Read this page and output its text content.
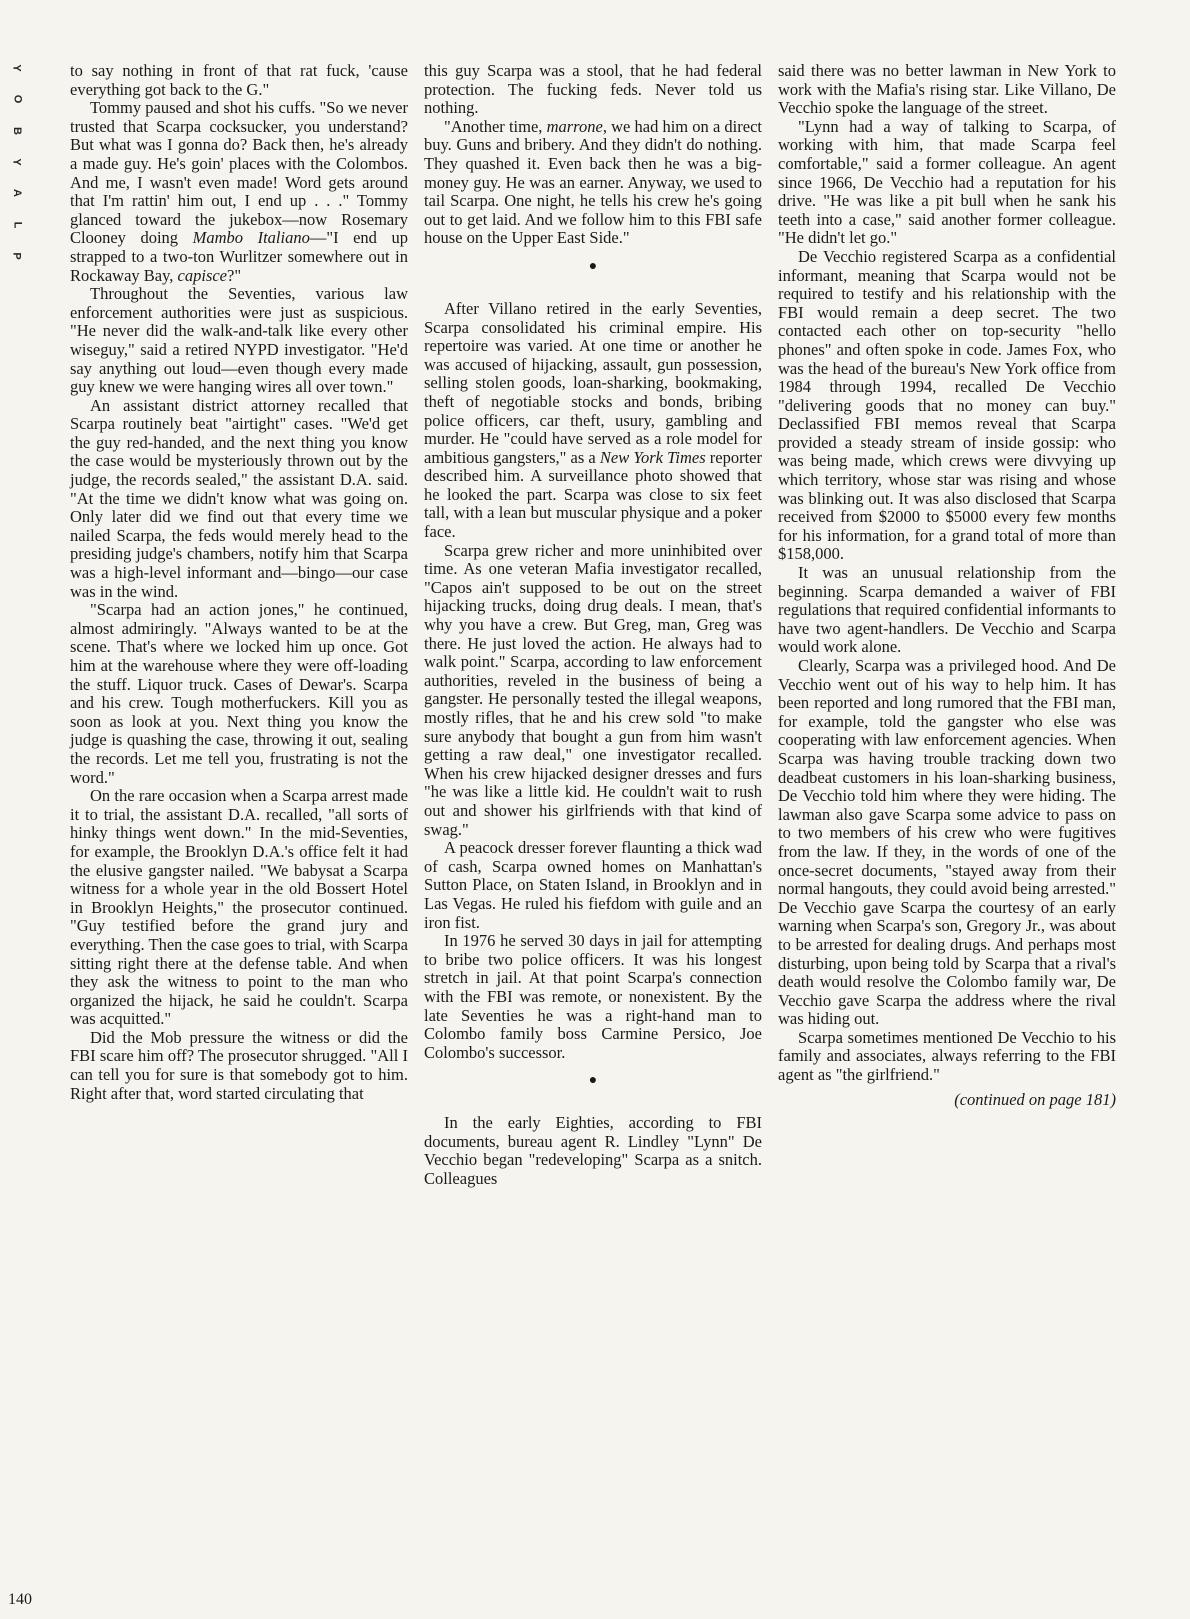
Y
O
B
Y
A
L
P

to say nothing in front of that rat fuck, 'cause everything got back to the G."

Tommy paused and shot his cuffs. "So we never trusted that Scarpa cocksucker, you understand? But what was I gonna do? Back then, he's already a made guy. He's goin' places with the Colombos. And me, I wasn't even made! Word gets around that I'm rattin' him out, I end up . . ." Tommy glanced toward the jukebox—now Rosemary Clooney doing Mambo Italiano—"I end up strapped to a two-ton Wurlitzer somewhere out in Rockaway Bay, capisce?"

Throughout the Seventies, various law enforcement authorities were just as suspicious. "He never did the walk-and-talk like every other wiseguy," said a retired NYPD investigator. "He'd say anything out loud—even though every made guy knew we were hanging wires all over town."

An assistant district attorney recalled that Scarpa routinely beat "airtight" cases. "We'd get the guy red-handed, and the next thing you know the case would be mysteriously thrown out by the judge, the records sealed," the assistant D.A. said. "At the time we didn't know what was going on. Only later did we find out that every time we nailed Scarpa, the feds would merely head to the presiding judge's chambers, notify him that Scarpa was a high-level informant and—bingo—our case was in the wind.

"Scarpa had an action jones," he continued, almost admiringly. "Always wanted to be at the scene. That's where we locked him up once. Got him at the warehouse where they were off-loading the stuff. Liquor truck. Cases of Dewar's. Scarpa and his crew. Tough motherfuckers. Kill you as soon as look at you. Next thing you know the judge is quashing the case, throwing it out, sealing the records. Let me tell you, frustrating is not the word."

On the rare occasion when a Scarpa arrest made it to trial, the assistant D.A. recalled, "all sorts of hinky things went down." In the mid-Seventies, for example, the Brooklyn D.A.'s office felt it had the elusive gangster nailed. "We babysat a Scarpa witness for a whole year in the old Bossert Hotel in Brooklyn Heights," the prosecutor continued. "Guy testified before the grand jury and everything. Then the case goes to trial, with Scarpa sitting right there at the defense table. And when they ask the witness to point to the man who organized the hijack, he said he couldn't. Scarpa was acquitted."

Did the Mob pressure the witness or did the FBI scare him off? The prosecutor shrugged. "All I can tell you for sure is that somebody got to him. Right after that, word started circulating that

this guy Scarpa was a stool, that he had federal protection. The fucking feds. Never told us nothing.

"Another time, marrone, we had him on a direct buy. Guns and bribery. And they didn't do nothing. They quashed it. Even back then he was a big-money guy. He was an earner. Anyway, we used to tail Scarpa. One night, he tells his crew he's going out to get laid. And we follow him to this FBI safe house on the Upper East Side."

●

After Villano retired in the early Seventies, Scarpa consolidated his criminal empire. His repertoire was varied. At one time or another he was accused of hijacking, assault, gun possession, selling stolen goods, loan-sharking, bookmaking, theft of negotiable stocks and bonds, bribing police officers, car theft, usury, gambling and murder. He "could have served as a role model for ambitious gangsters," as a New York Times reporter described him. A surveillance photo showed that he looked the part. Scarpa was close to six feet tall, with a lean but muscular physique and a poker face.

Scarpa grew richer and more uninhibited over time. As one veteran Mafia investigator recalled, "Capos ain't supposed to be out on the street hijacking trucks, doing drug deals. I mean, that's why you have a crew. But Greg, man, Greg was there. He just loved the action. He always had to walk point." Scarpa, according to law enforcement authorities, reveled in the business of being a gangster. He personally tested the illegal weapons, mostly rifles, that he and his crew sold "to make sure anybody that bought a gun from him wasn't getting a raw deal," one investigator recalled. When his crew hijacked designer dresses and furs "he was like a little kid. He couldn't wait to rush out and shower his girlfriends with that kind of swag."

A peacock dresser forever flaunting a thick wad of cash, Scarpa owned homes on Manhattan's Sutton Place, on Staten Island, in Brooklyn and in Las Vegas. He ruled his fiefdom with guile and an iron fist.

In 1976 he served 30 days in jail for attempting to bribe two police officers. It was his longest stretch in jail. At that point Scarpa's connection with the FBI was remote, or nonexistent. By the late Seventies he was a right-hand man to Colombo family boss Carmine Persico, Joe Colombo's successor.

●

In the early Eighties, according to FBI documents, bureau agent R. Lindley "Lynn" De Vecchio began "redeveloping" Scarpa as a snitch. Colleagues

said there was no better lawman in New York to work with the Mafia's rising star. Like Villano, De Vecchio spoke the language of the street.

"Lynn had a way of talking to Scarpa, of working with him, that made Scarpa feel comfortable," said a former colleague. An agent since 1966, De Vecchio had a reputation for his drive. "He was like a pit bull when he sank his teeth into a case," said another former colleague. "He didn't let go."

De Vecchio registered Scarpa as a confidential informant, meaning that Scarpa would not be required to testify and his relationship with the FBI would remain a deep secret. The two contacted each other on top-security "hello phones" and often spoke in code. James Fox, who was the head of the bureau's New York office from 1984 through 1994, recalled De Vecchio "delivering goods that no money can buy." Declassified FBI memos reveal that Scarpa provided a steady stream of inside gossip: who was being made, which crews were divvying up which territory, whose star was rising and whose was blinking out. It was also disclosed that Scarpa received from $2000 to $5000 every few months for his information, for a grand total of more than $158,000.

It was an unusual relationship from the beginning. Scarpa demanded a waiver of FBI regulations that required confidential informants to have two agent-handlers. De Vecchio and Scarpa would work alone.

Clearly, Scarpa was a privileged hood. And De Vecchio went out of his way to help him. It has been reported and long rumored that the FBI man, for example, told the gangster who else was cooperating with law enforcement agencies. When Scarpa was having trouble tracking down two deadbeat customers in his loan-sharking business, De Vecchio told him where they were hiding. The lawman also gave Scarpa some advice to pass on to two members of his crew who were fugitives from the law. If they, in the words of one of the once-secret documents, "stayed away from their normal hangouts, they could avoid being arrested." De Vecchio gave Scarpa the courtesy of an early warning when Scarpa's son, Gregory Jr., was about to be arrested for dealing drugs. And perhaps most disturbing, upon being told by Scarpa that a rival's death would resolve the Colombo family war, De Vecchio gave Scarpa the address where the rival was hiding out.

Scarpa sometimes mentioned De Vecchio to his family and associates, always referring to the FBI agent as "the girlfriend."

(continued on page 181)
140
